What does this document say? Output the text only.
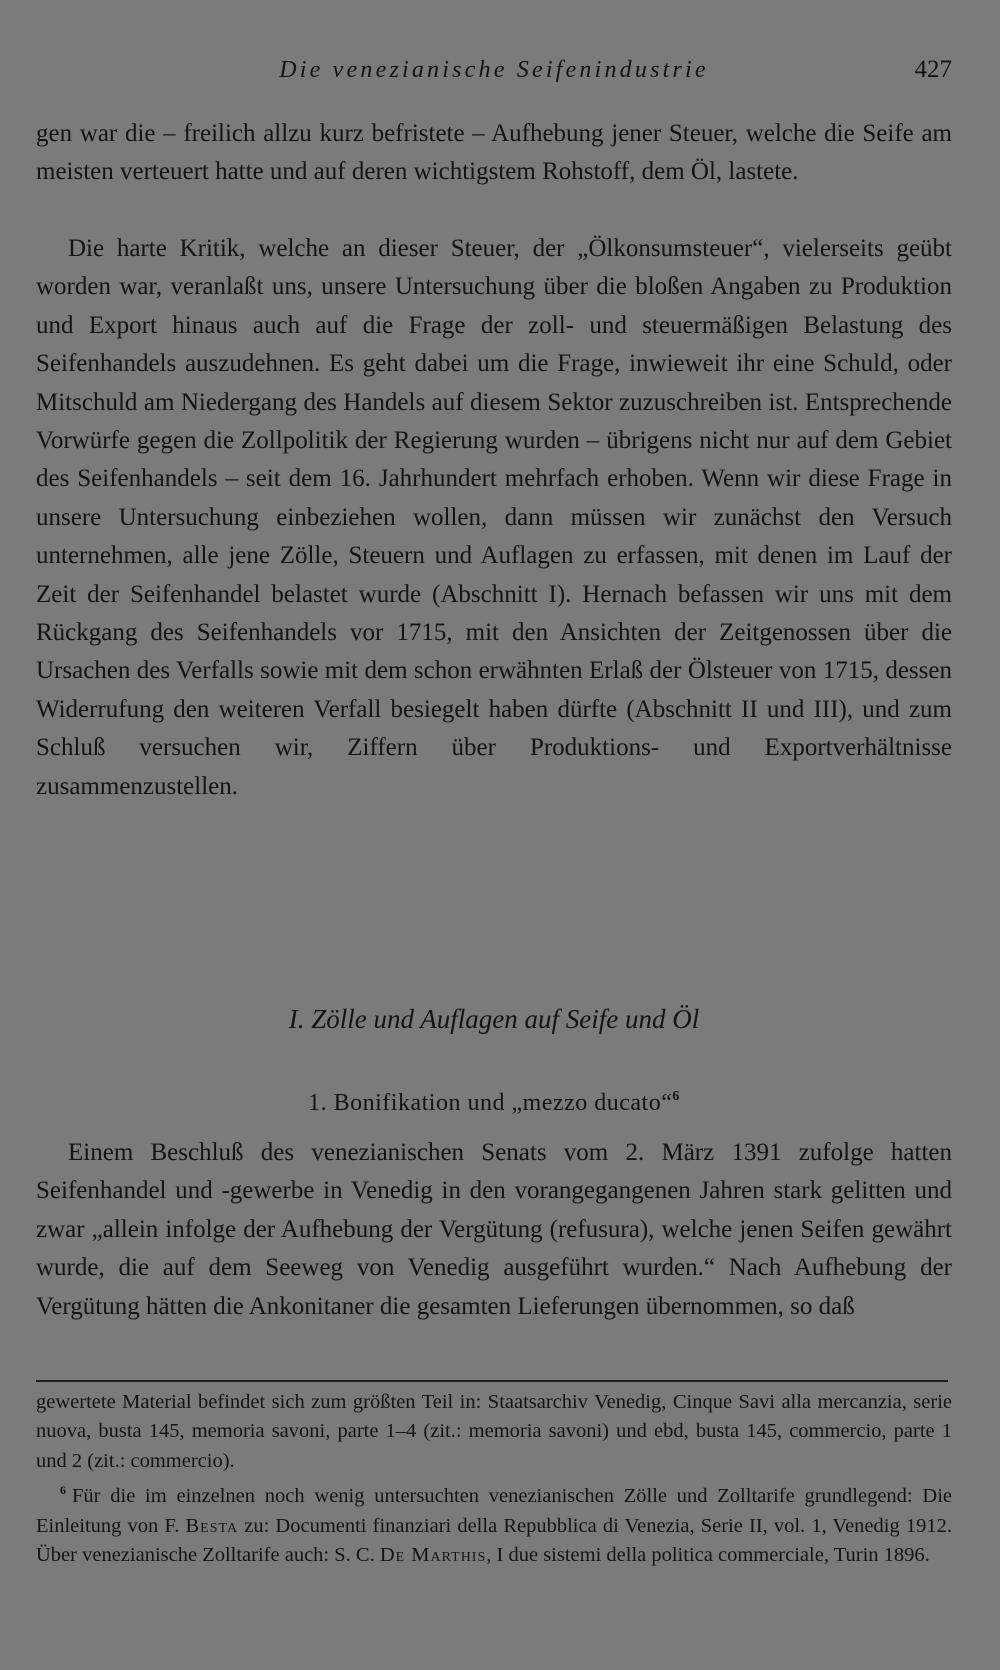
Die venezianische Seifenindustrie	427

gen war die – freilich allzu kurz befristete – Aufhebung jener Steuer, welche die Seife am meisten verteuert hatte und auf deren wichtigstem Rohstoff, dem Öl, lastete.

Die harte Kritik, welche an dieser Steuer, der „Ölkonsumsteuer“, vielerseits geübt worden war, veranlaßt uns, unsere Untersuchung über die bloßen Angaben zu Produktion und Export hinaus auch auf die Frage der zoll- und steuermäßigen Belastung des Seifenhandels auszudehnen. Es geht dabei um die Frage, inwieweit ihr eine Schuld, oder Mitschuld am Niedergang des Handels auf diesem Sektor zuzuschreiben ist. Entsprechende Vorwürfe gegen die Zollpolitik der Regierung wurden – übrigens nicht nur auf dem Gebiet des Seifenhandels – seit dem 16. Jahrhundert mehrfach erhoben. Wenn wir diese Frage in unsere Untersuchung einbeziehen wollen, dann müssen wir zunächst den Versuch unternehmen, alle jene Zölle, Steuern und Auflagen zu erfassen, mit denen im Lauf der Zeit der Seifenhandel belastet wurde (Abschnitt I). Hernach befassen wir uns mit dem Rückgang des Seifenhandels vor 1715, mit den Ansichten der Zeitgenossen über die Ursachen des Verfalls sowie mit dem schon erwähnten Erlaß der Ölsteuer von 1715, dessen Widerrufung den weiteren Verfall besiegelt haben dürfte (Abschnitt II und III), und zum Schluß versuchen wir, Ziffern über Produktions- und Exportverhältnisse zusammenzustellen.

I. Zölle und Auflagen auf Seife und Öl
1. Bonifikation und „mezzo ducato“$^6$

Einem Beschluß des venezianischen Senats vom 2. März 1391 zufolge hatten Seifenhandel und -gewerbe in Venedig in den vorangegangenen Jahren stark gelitten und zwar „allein infolge der Aufhebung der Vergütung (refusura), welche jenen Seifen gewährt wurde, die auf dem Seeweg von Venedig ausgeführt wurden.“ Nach Aufhebung der Vergütung hätten die Ankonitaner die gesamten Lieferungen übernommen, so daß

gewertete Material befindet sich zum größten Teil in: Staatsarchiv Venedig, Cinque Savi alla mercanzia, serie nuova, busta 145, memoria savoni, parte 1–4 (zit.: memoria savoni) und ebd, busta 145, commercio, parte 1 und 2 (zit.: commercio).

$^6$ Für die im einzelnen noch wenig untersuchten venezianischen Zölle und Zolltarife grundlegend: Die Einleitung von F. Besta zu: Documenti finanziari della Repubblica di Venezia, Serie II, vol. 1, Venedig 1912. Über venezianische Zolltarife auch: S. C. De Marthis, I due sistemi della politica commerciale, Turin 1896.
